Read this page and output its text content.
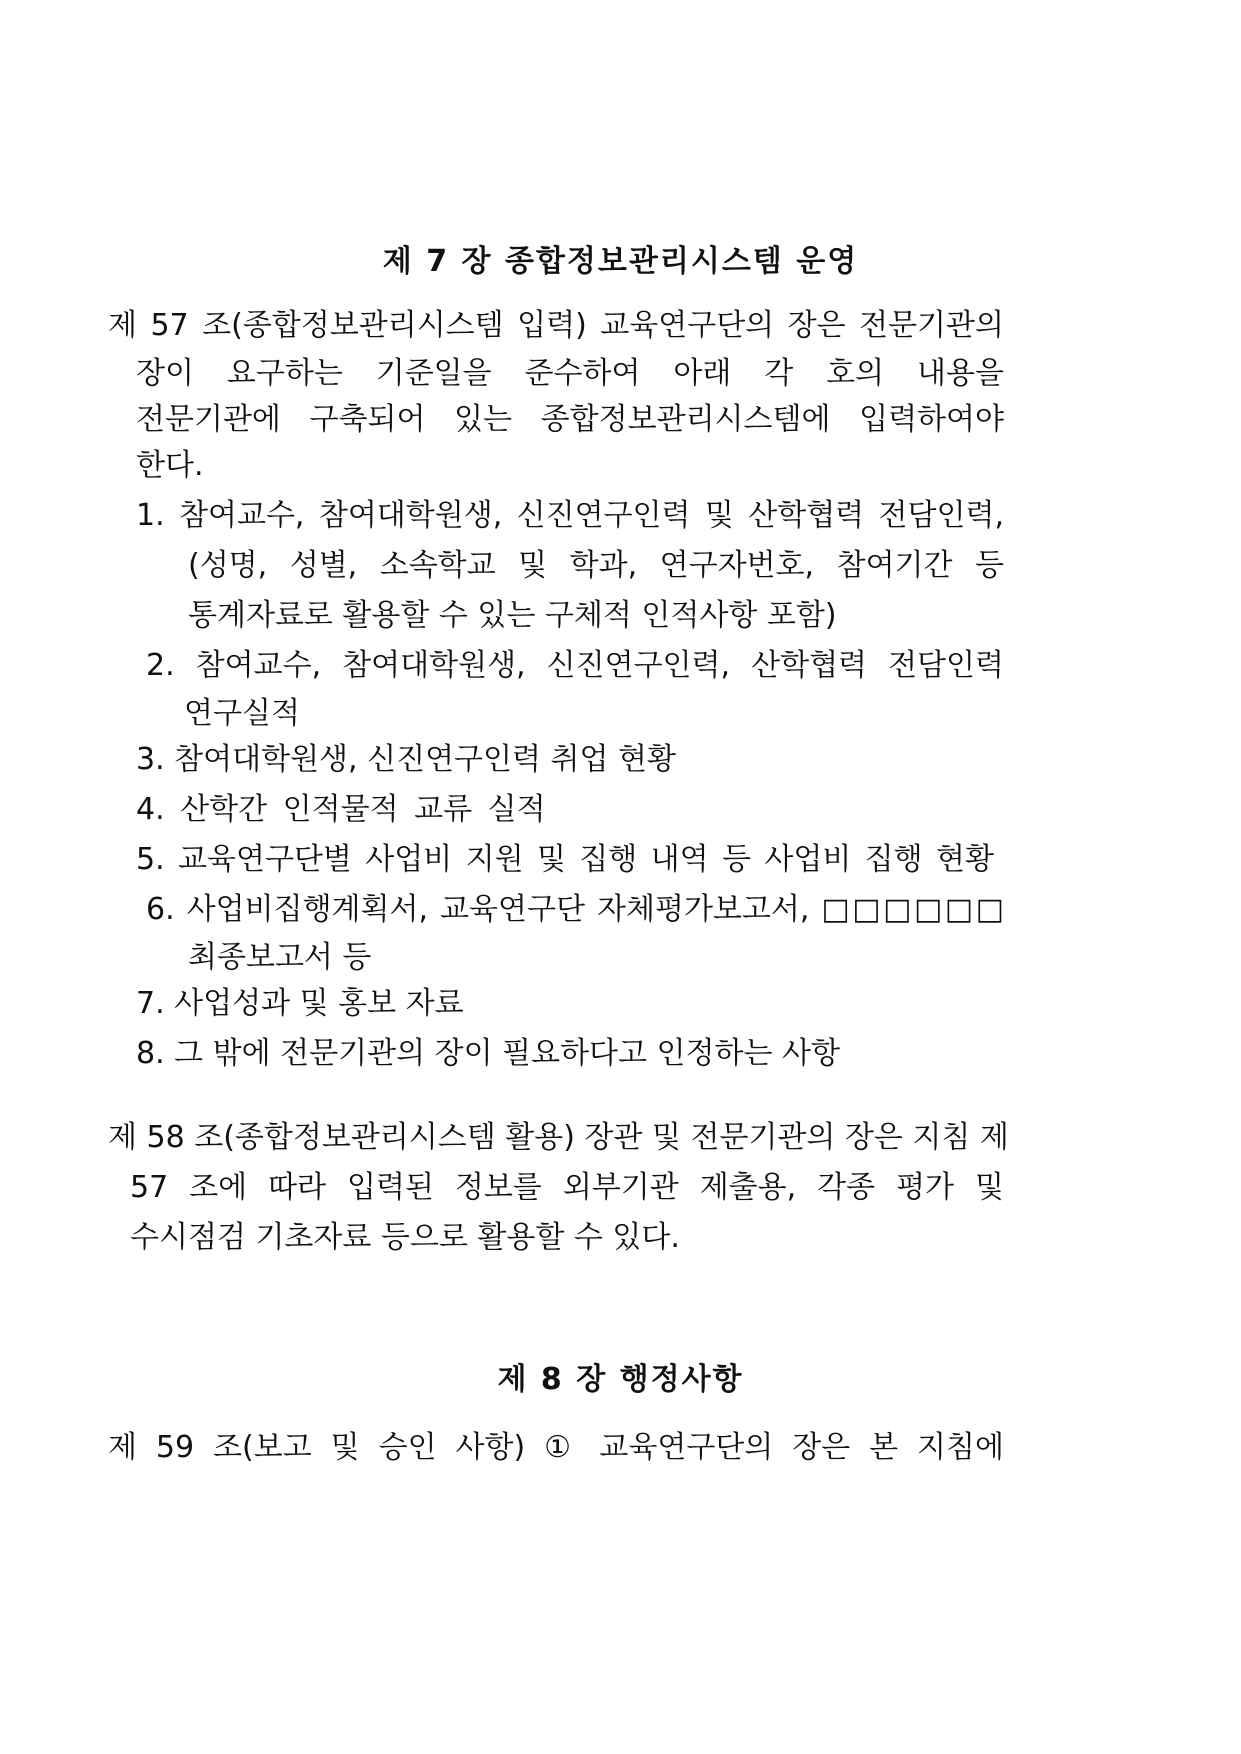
제 7 장 종합정보관리시스템 운영
제 57 조(종합정보관리시스템 입력) 교육연구단의 장은 전문기관의
장이 요구하는 기준일을 준수하여 아래 각 호의 내용을
전문기관에 구축되어 있는 종합정보관리시스템에 입력하여야
한다.
1. 참여교수, 참여대학원생, 신진연구인력 및 산학협력 전담인력,
(성명, 성별, 소속학교 및 학과, 연구자번호, 참여기간 등
통계자료로 활용할 수 있는 구체적 인적사항 포함)
2. 참여교수, 참여대학원생, 신진연구인력, 산학협력 전담인력
연구실적
3. 참여대학원생, 신진연구인력 취업 현황
4. 산학간 인적물적 교류 실적
5. 교육연구단별 사업비 지원 및 집행 내역 등 사업비 집행 현황
6. 사업비집행계획서, 교육연구단 자체평가보고서, □□□□□□
최종보고서 등
7. 사업성과 및 홍보 자료
8. 그 밖에 전문기관의 장이 필요하다고 인정하는 사항
제 58 조(종합정보관리시스템 활용) 장관 및 전문기관의 장은 지침 제
57 조에 따라 입력된 정보를 외부기관 제출용, 각종 평가 및
수시점검 기초자료 등으로 활용할 수 있다.
제 8 장 행정사항
제 59 조(보고 및 승인 사항) ① 교육연구단의 장은 본 지침에
